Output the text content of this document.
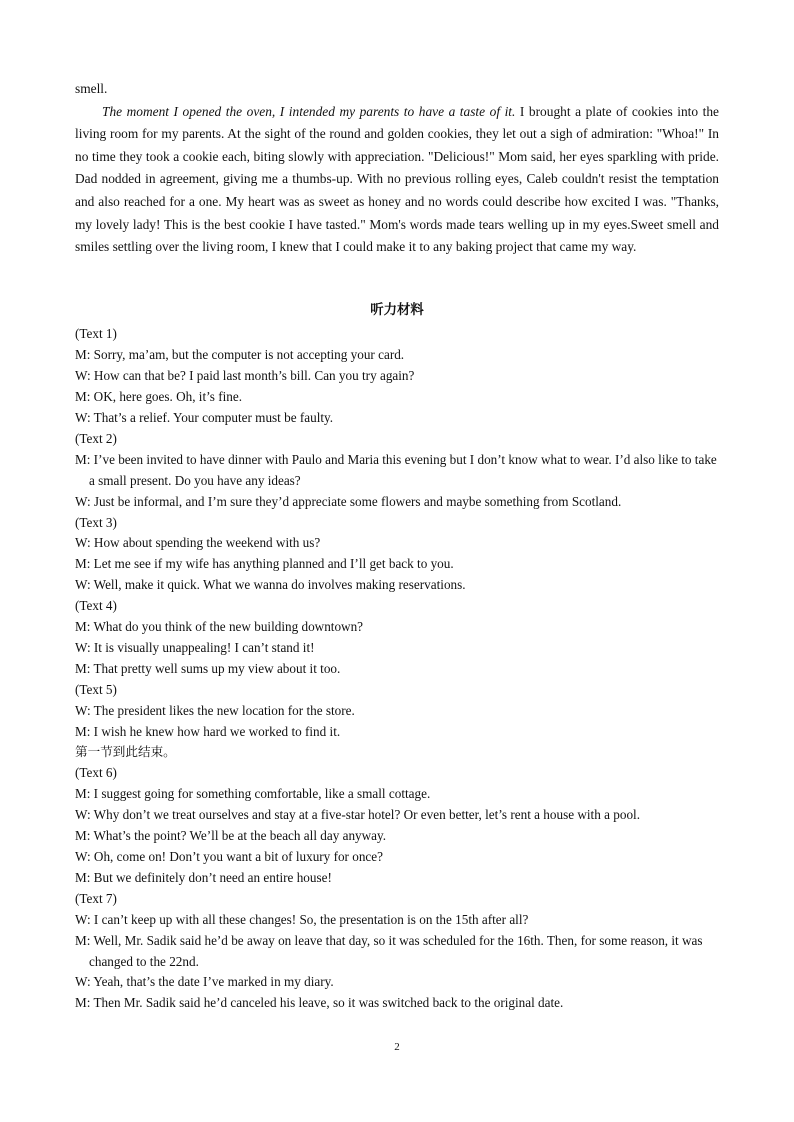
smell.

The moment I opened the oven, I intended my parents to have a taste of it. I brought a plate of cookies into the living room for my parents. At the sight of the round and golden cookies, they let out a sigh of admiration: "Whoa!" In no time they took a cookie each, biting slowly with appreciation. "Delicious!" Mom said, her eyes sparkling with pride. Dad nodded in agreement, giving me a thumbs-up. With no previous rolling eyes, Caleb couldn't resist the temptation and also reached for a one. My heart was as sweet as honey and no words could describe how excited I was. "Thanks, my lovely lady! This is the best cookie I have tasted." Mom's words made tears welling up in my eyes.Sweet smell and smiles settling over the living room, I knew that I could make it to any baking project that came my way.

听力材料
(Text 1)
M: Sorry, ma’am, but the computer is not accepting your card.
W: How can that be? I paid last month’s bill. Can you try again?
M: OK, here goes. Oh, it’s fine.
W: That’s a relief. Your computer must be faulty.
(Text 2)
M: I’ve been invited to have dinner with Paulo and Maria this evening but I don’t know what to wear. I’d also like to take a small present. Do you have any ideas?
W: Just be informal, and I’m sure they’d appreciate some flowers and maybe something from Scotland.
(Text 3)
W: How about spending the weekend with us?
M: Let me see if my wife has anything planned and I’ll get back to you.
W: Well, make it quick. What we wanna do involves making reservations.
(Text 4)
M: What do you think of the new building downtown?
W: It is visually unappealing! I can’t stand it!
M: That pretty well sums up my view about it too.
(Text 5)
W: The president likes the new location for the store.
M: I wish he knew how hard we worked to find it.
第一节到此结束。
(Text 6)
M: I suggest going for something comfortable, like a small cottage.
W: Why don’t we treat ourselves and stay at a five-star hotel? Or even better, let’s rent a house with a pool.
M: What’s the point? We’ll be at the beach all day anyway.
W: Oh, come on! Don’t you want a bit of luxury for once?
M: But we definitely don’t need an entire house!
(Text 7)
W: I can’t keep up with all these changes! So, the presentation is on the 15th after all?
M: Well, Mr. Sadik said he’d be away on leave that day, so it was scheduled for the 16th. Then, for some reason, it was changed to the 22nd.
W: Yeah, that’s the date I’ve marked in my diary.
M: Then Mr. Sadik said he’d canceled his leave, so it was switched back to the original date.
2
